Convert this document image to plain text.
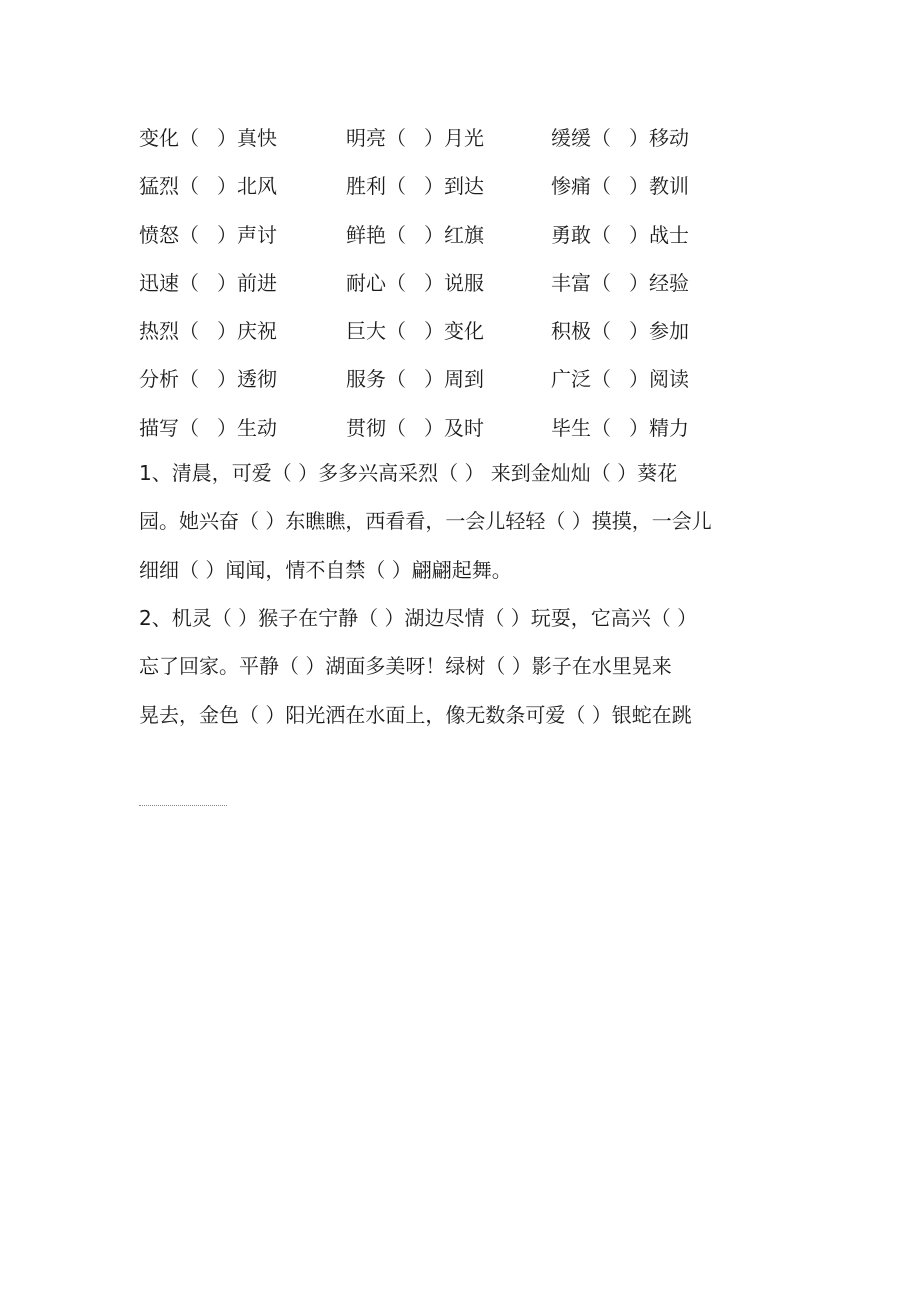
变化（ ）真快	明亮（ ）月光	缓缓（ ）移动
猛烈（ ）北风	胜利（ ）到达	惨痛（ ）教训
愤怒（ ）声讨	鲜艳（ ）红旗	勇敢（ ）战士
迅速（ ）前进	耐心（ ）说服	丰富（ ）经验
热烈（ ）庆祝	巨大（ ）变化	积极（ ）参加
分析（ ）透彻	服务（ ）周到	广泛（ ）阅读
描写（ ）生动	贯彻（ ）及时	毕生（ ）精力
1、清晨，可爱（ ）多多兴高采烈（ ） 来到金灿灿（ ）葵花
园。她兴奋（ ）东瞧瞧，西看看，一会儿轻轻（ ）摸摸，一会儿
细细（ ）闻闻，情不自禁（ ）翩翩起舞。
2、机灵（ ）猴子在宁静（ ）湖边尽情（ ）玩耍，它高兴（ ）
忘了回家。平静（ ）湖面多美呀！绿树（ ）影子在水里晃来
晃去，金色（ ）阳光洒在水面上，像无数条可爱（ ）银蛇在跳
